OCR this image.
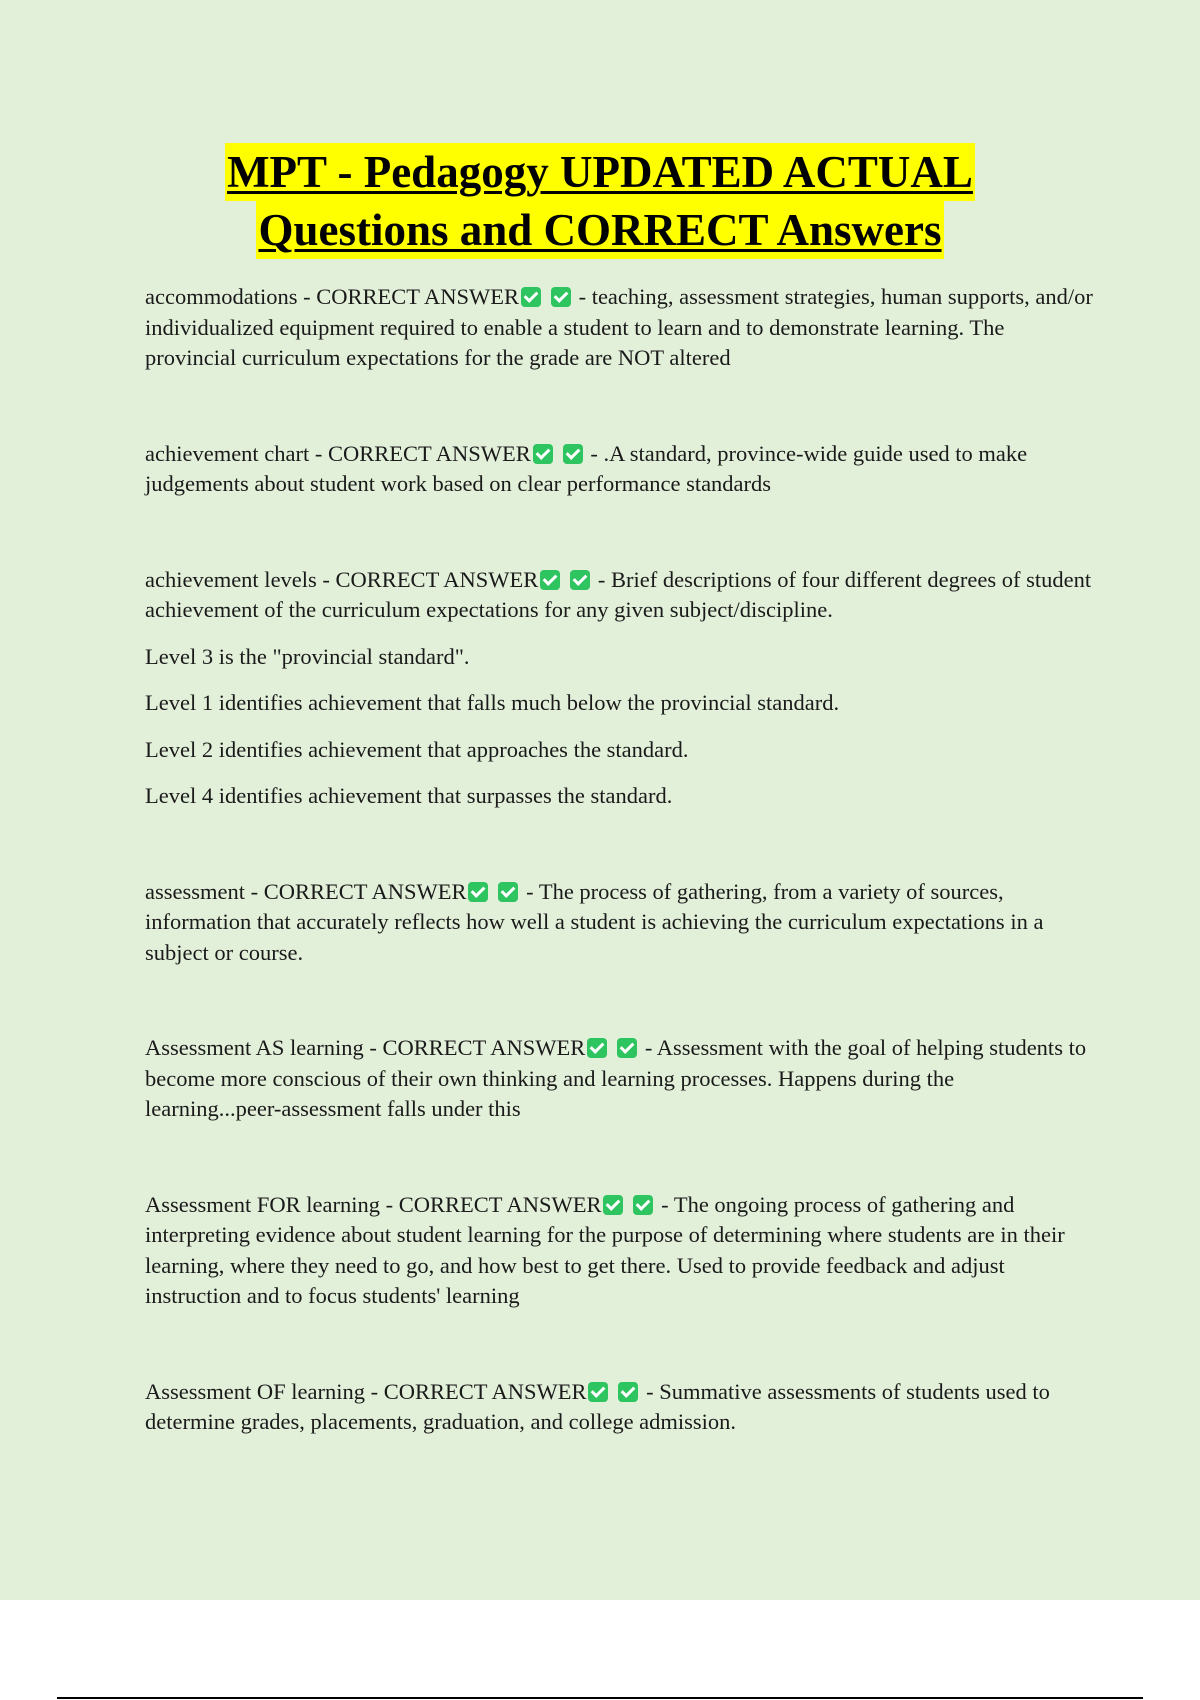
MPT - Pedagogy UPDATED ACTUAL
Questions and CORRECT Answers

accommodations - CORRECT ANSWER	- teaching, assessment strategies, human supports, and/or individualized equipment required to enable a student to learn and to demonstrate learning. The provincial curriculum expectations for the grade are NOT altered

achievement chart - CORRECT ANSWER	- .A standard, province-wide guide used to make judgements about student work based on clear performance standards

achievement levels - CORRECT ANSWER	- Brief descriptions of four different degrees of student achievement of the curriculum expectations for any given subject/discipline.

Level 3 is the "provincial standard".

Level 1 identifies achievement that falls much below the provincial standard.

Level 2 identifies achievement that approaches the standard.

Level 4 identifies achievement that surpasses the standard.

assessment - CORRECT ANSWER	- The process of gathering, from a variety of sources, information that accurately reflects how well a student is achieving the curriculum expectations in a subject or course.

Assessment AS learning - CORRECT ANSWER	- Assessment with the goal of helping students to become more conscious of their own thinking and learning processes. Happens during the learning...peer-assessment falls under this

Assessment FOR learning - CORRECT ANSWER	- The ongoing process of gathering and interpreting evidence about student learning for the purpose of determining where students are in their learning, where they need to go, and how best to get there. Used to provide feedback and adjust instruction and to focus students' learning

Assessment OF learning - CORRECT ANSWER	- Summative assessments of students used to determine grades, placements, graduation, and college admission.
